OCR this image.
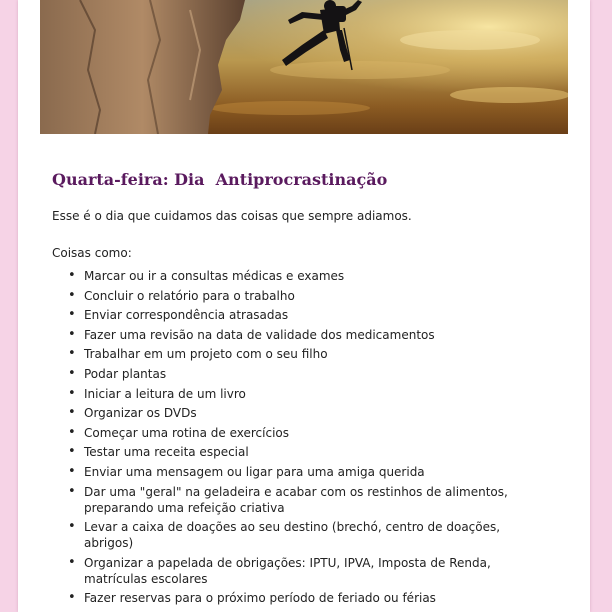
Quarta-feira: Dia  Antiprocrastinação

Esse é o dia que cuidamos das coisas que sempre adiamos.

Coisas como:

• Marcar ou ir a consultas médicas e exames
• Concluir o relatório para o trabalho
• Enviar correspondência atrasadas
• Fazer uma revisão na data de validade dos medicamentos
• Trabalhar em um projeto com o seu filho
• Podar plantas
• Iniciar a leitura de um livro
• Organizar os DVDs
• Começar uma rotina de exercícios
• Testar uma receita especial
• Enviar uma mensagem ou ligar para uma amiga querida
• Dar uma "geral" na geladeira e acabar com os restinhos de alimentos, preparando uma refeição criativa
• Levar a caixa de doações ao seu destino (brechó, centro de doações, abrigos)
• Organizar a papelada de obrigações: IPTU, IPVA, Imposta de Renda, matrículas escolares
• Fazer reservas para o próximo período de feriado ou férias
